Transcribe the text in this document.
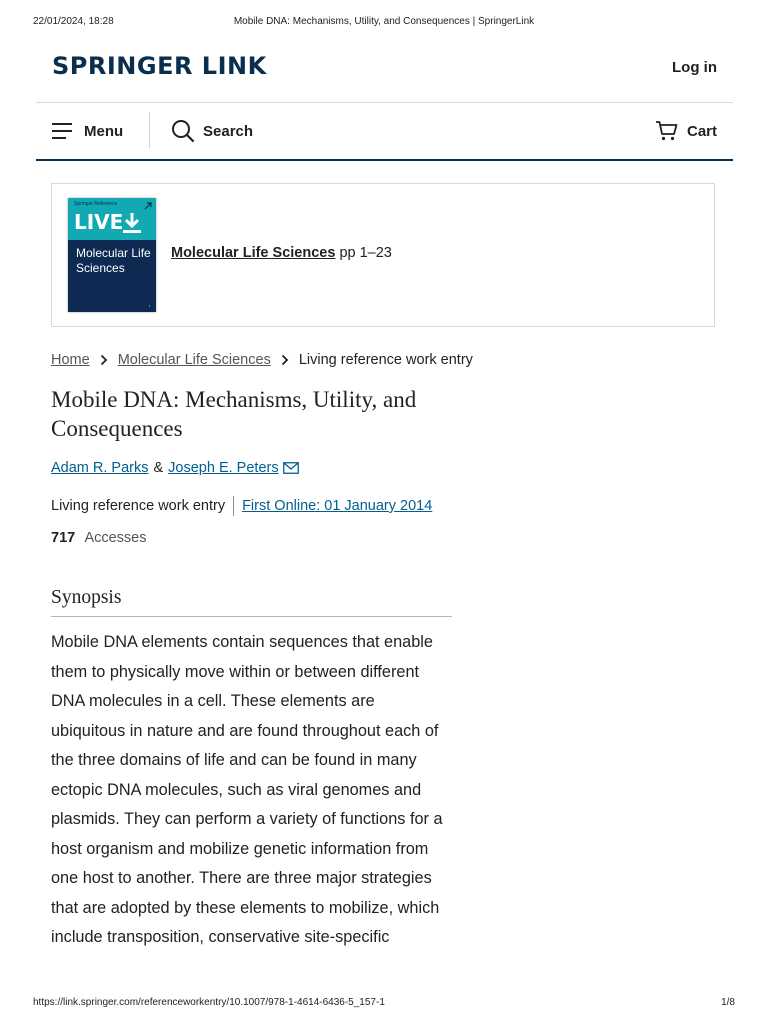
22/01/2024, 18:28	Mobile DNA: Mechanisms, Utility, and Consequences | SpringerLink
SPRINGER LINK	Log in
Menu	Search	Cart
Springer Reference
LIVE
Molecular Life Sciences
◐
Molecular Life Sciences pp 1–23
Home Molecular Life Sciences Living reference work entry
Mobile DNA: Mechanisms, Utility, and Consequences
Adam R. Parks & Joseph E. Peters
Living reference work entry First Online: 01 January 2014
717 Accesses
Synopsis

Mobile DNA elements contain sequences that enable them to physically move within or between different DNA molecules in a cell. These elements are ubiquitous in nature and are found throughout each of the three domains of life and can be found in many ectopic DNA molecules, such as viral genomes and plasmids. They can perform a variety of functions for a host organism and mobilize genetic information from one host to another. There are three major strategies that are adopted by these elements to mobilize, which include transposition, conservative site-specific

https://link.springer.com/referenceworkentry/10.1007/978-1-4614-6436-5_157-1	1/8
